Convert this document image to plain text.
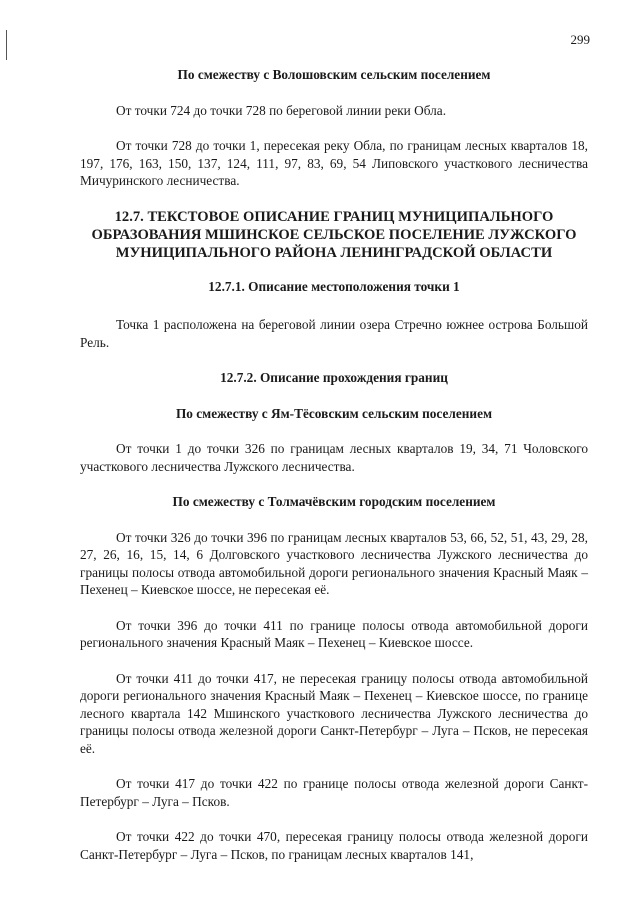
299
По смежеству с Волошовским сельским поселением

От точки 724 до точки 728 по береговой линии реки Обла.

От точки 728 до точки 1, пересекая реку Обла, по границам лесных кварталов 18, 197, 176, 163, 150, 137, 124, 111, 97, 83, 69, 54 Липовского участкового лесничества Мичуринского лесничества.

12.7. ТЕКСТОВОЕ ОПИСАНИЕ ГРАНИЦ МУНИЦИПАЛЬНОГО ОБРАЗОВАНИЯ МШИНСКОЕ СЕЛЬСКОЕ ПОСЕЛЕНИЕ ЛУЖСКОГО МУНИЦИПАЛЬНОГО РАЙОНА ЛЕНИНГРАДСКОЙ ОБЛАСТИ
12.7.1. Описание местоположения точки 1

Точка 1 расположена на береговой линии озера Стречно южнее острова Большой Рель.

12.7.2. Описание прохождения границ
По смежеству с Ям-Тёсовским сельским поселением

От точки 1 до точки 326 по границам лесных кварталов 19, 34, 71 Чоловского участкового лесничества Лужского лесничества.

По смежеству с Толмачёвским городским поселением

От точки 326 до точки 396 по границам лесных кварталов 53, 66, 52, 51, 43, 29, 28, 27, 26, 16, 15, 14, 6 Долговского участкового лесничества Лужского лесничества до границы полосы отвода автомобильной дороги регионального значения Красный Маяк – Пехенец – Киевское шоссе, не пересекая её.

От точки 396 до точки 411 по границе полосы отвода автомобильной дороги регионального значения Красный Маяк – Пехенец – Киевское шоссе.

От точки 411 до точки 417, не пересекая границу полосы отвода автомобильной дороги регионального значения Красный Маяк – Пехенец – Киевское шоссе, по границе лесного квартала 142 Мшинского участкового лесничества Лужского лесничества до границы полосы отвода железной дороги Санкт-Петербург – Луга – Псков, не пересекая её.

От точки 417 до точки 422 по границе полосы отвода железной дороги Санкт-Петербург – Луга – Псков.

От точки 422 до точки 470, пересекая границу полосы отвода железной дороги Санкт-Петербург – Луга – Псков, по границам лесных кварталов 141,
